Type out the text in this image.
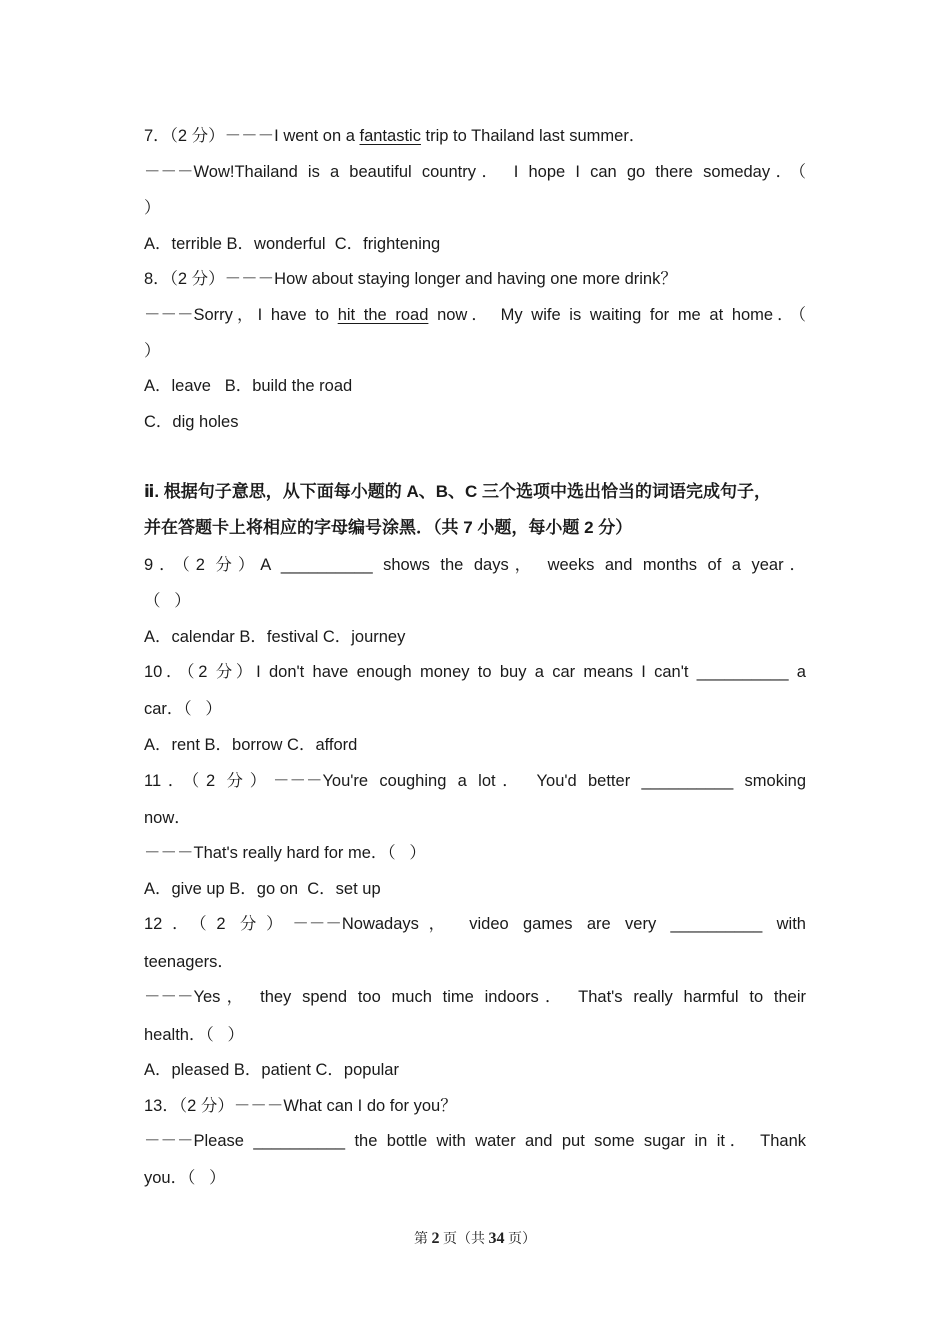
7．（2 分）－－－I went on a fantastic trip to Thailand last summer．
－－－Wow!Thailand is a beautiful country． I hope I can go there someday．（
）
A．terrible B．wonderful  C．frightening
8．（2 分）－－－How about staying longer and having one more drink？
－－－Sorry，I have to hit the road now． My wife is waiting for me at home．（
）
A．leave   B．build the road
C．dig holes
ⅱ. 根据句子意思，从下面每小题的 A、B、C 三个选项中选出恰当的词语完成句子，
并在答题卡上将相应的字母编号涂黑．（共 7 小题，每小题 2 分）
9．（2 分）A __________ shows the days， weeks and months of a year．
（   ）
A．calendar B．festival C．journey
10．（2 分）I don't have enough money to buy a car means I can't __________ a
car．（   ）
A．rent B．borrow C．afford
11．（2 分）－－－You're coughing a lot． You'd better __________ smoking
now．
－－－That's really hard for me．（   ）
A．give up B．go on  C．set up
12．（2 分）－－－Nowadays， video games are very __________ with
teenagers．
－－－Yes， they spend too much time indoors． That's really harmful to their
health．（   ）
A．pleased B．patient C．popular
13．（2 分）－－－What can I do for you？
－－－Please __________ the bottle with water and put some sugar in it． Thank
you．（   ）
第 2 页（共 34 页）
